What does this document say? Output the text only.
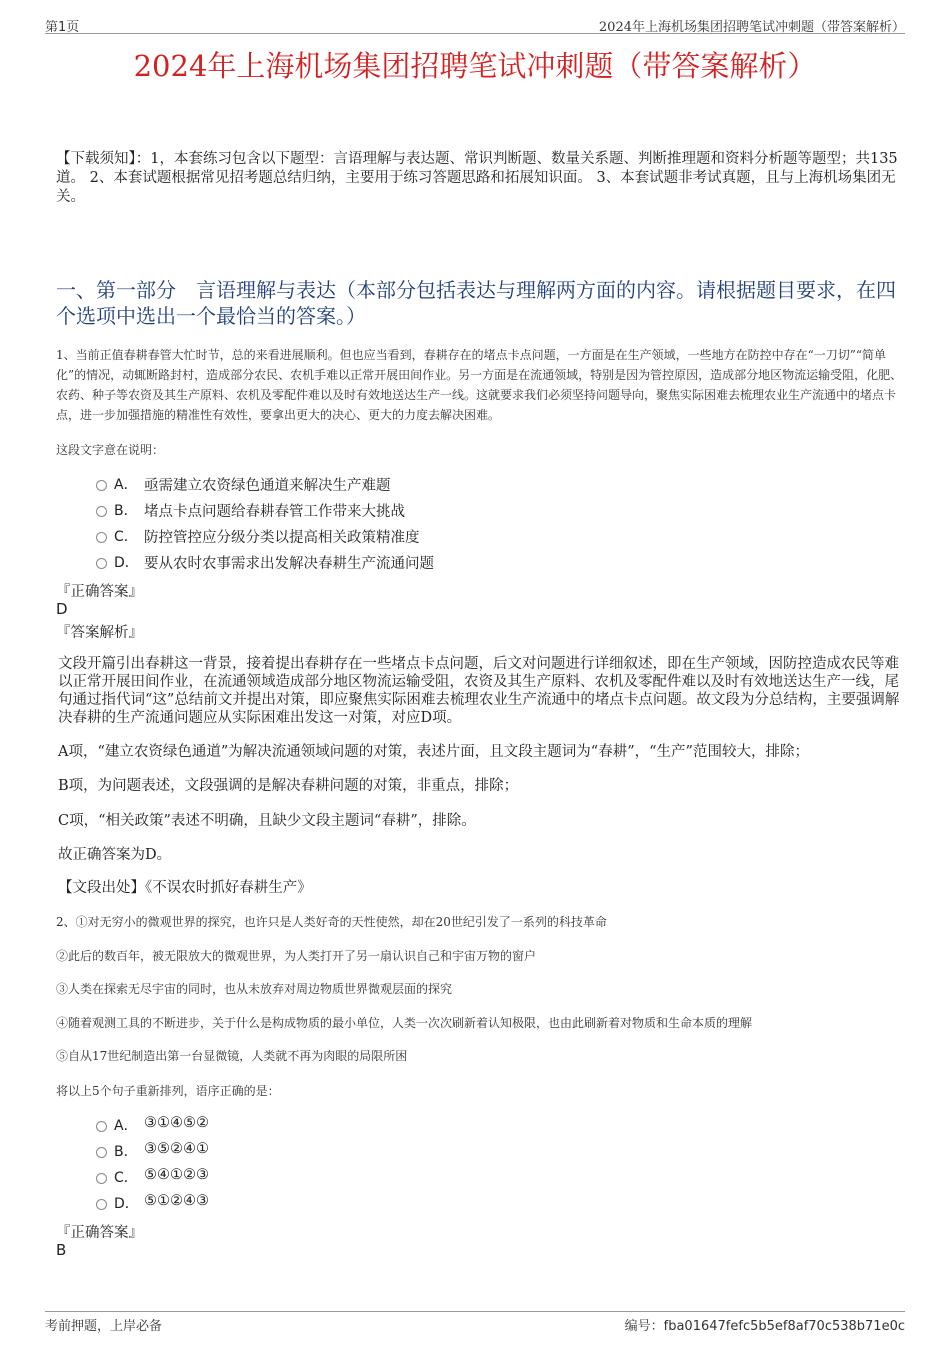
第1页	2024年上海机场集团招聘笔试冲刺题（带答案解析）
2024年上海机场集团招聘笔试冲刺题（带答案解析）
【下载须知】：1，本套练习包含以下题型：言语理解与表达题、常识判断题、数量关系题、判断推理题和资料分析题等题型；共135道。 2、本套试题根据常见招考题总结归纳，主要用于练习答题思路和拓展知识面。 3、本套试题非考试真题，且与上海机场集团无关。
一、第一部分　言语理解与表达（本部分包括表达与理解两方面的内容。请根据题目要求，在四个选项中选出一个最恰当的答案。）
1、当前正值春耕春管大忙时节，总的来看进展顺利。但也应当看到，春耕存在的堵点卡点问题，一方面是在生产领域，一些地方在防控中存在“一刀切”“简单化”的情况，动辄断路封村，造成部分农民、农机手难以正常开展田间作业。另一方面是在流通领域，特别是因为管控原因，造成部分地区物流运输受阻，化肥、农药、种子等农资及其生产原料、农机及零配件难以及时有效地送达生产一线。这就要求我们必须坚持问题导向，聚焦实际困难去梳理农业生产流通中的堵点卡点，进一步加强措施的精准性有效性，要拿出更大的决心、更大的力度去解决困难。
这段文字意在说明：
A． 亟需建立农资绿色通道来解决生产难题
B． 堵点卡点问题给春耕春管工作带来大挑战
C． 防控管控应分级分类以提高相关政策精准度
D． 要从农时农事需求出发解决春耕生产流通问题
『正确答案』
D
『答案解析』
文段开篇引出春耕这一背景，接着提出春耕存在一些堵点卡点问题，后文对问题进行详细叙述，即在生产领域，因防控造成农民等难以正常开展田间作业，在流通领域造成部分地区物流运输受阻，农资及其生产原料、农机及零配件难以及时有效地送达生产一线，尾句通过指代词“这”总结前文并提出对策，即应聚焦实际困难去梳理农业生产流通中的堵点卡点问题。故文段为分总结构，主要强调解决春耕的生产流通问题应从实际困难出发这一对策，对应D项。
A项，“建立农资绿色通道”为解决流通领域问题的对策，表述片面，且文段主题词为“春耕”，“生产”范围较大，排除；
B项，为问题表述，文段强调的是解决春耕问题的对策，非重点，排除；
C项，“相关政策”表述不明确，且缺少文段主题词“春耕”，排除。
故正确答案为D。
【文段出处】《不误农时抓好春耕生产》
2、①对无穷小的微观世界的探究，也许只是人类好奇的天性使然，却在20世纪引发了一系列的科技革命
②此后的数百年，被无限放大的微观世界，为人类打开了另一扇认识自己和宇宙万物的窗户
③人类在探索无尽宇宙的同时，也从未放弃对周边物质世界微观层面的探究
④随着观测工具的不断进步，关于什么是构成物质的最小单位，人类一次次刷新着认知极限，也由此刷新着对物质和生命本质的理解
⑤自从17世纪制造出第一台显微镜，人类就不再为肉眼的局限所困
将以上5个句子重新排列，语序正确的是：
A． ③①④⑤②
B． ③⑤②④①
C． ⑤④①②③
D． ⑤①②④③
『正确答案』
B
考前押题，上岸必备	编号：fba01647fefc5b5ef8af70c538b71e0c
